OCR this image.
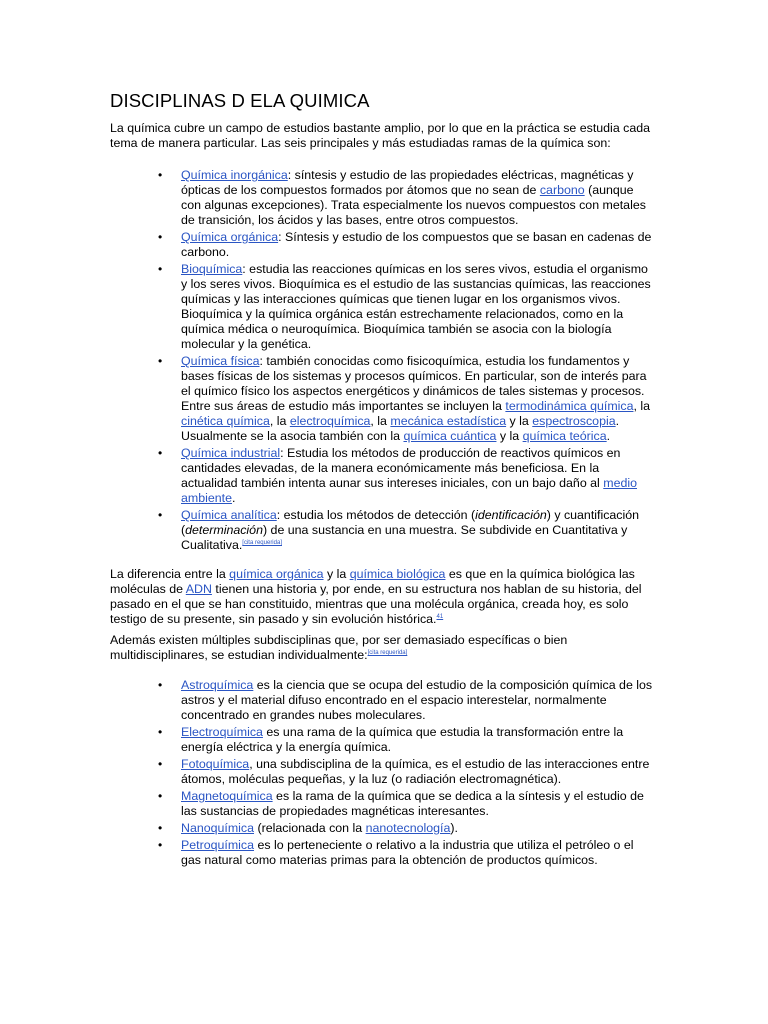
DISCIPLINAS D ELA QUIMICA

La química cubre un campo de estudios bastante amplio, por lo que en la práctica se estudia cada tema de manera particular. Las seis principales y más estudiadas ramas de la química son:

• Química inorgánica: síntesis y estudio de las propiedades eléctricas, magnéticas y ópticas de los compuestos formados por átomos que no sean de carbono (aunque con algunas excepciones). Trata especialmente los nuevos compuestos con metales de transición, los ácidos y las bases, entre otros compuestos.
• Química orgánica: Síntesis y estudio de los compuestos que se basan en cadenas de carbono.
• Bioquímica: estudia las reacciones químicas en los seres vivos, estudia el organismo y los seres vivos. Bioquímica es el estudio de las sustancias químicas, las reacciones químicas y las interacciones químicas que tienen lugar en los organismos vivos. Bioquímica y la química orgánica están estrechamente relacionados, como en la química médica o neuroquímica. Bioquímica también se asocia con la biología molecular y la genética.
• Química física: también conocidas como fisicoquímica, estudia los fundamentos y bases físicas de los sistemas y procesos químicos. En particular, son de interés para el químico físico los aspectos energéticos y dinámicos de tales sistemas y procesos. Entre sus áreas de estudio más importantes se incluyen la termodinámica química, la cinética química, la electroquímica, la mecánica estadística y la espectroscopia. Usualmente se la asocia también con la química cuántica y la química teórica.
• Química industrial: Estudia los métodos de producción de reactivos químicos en cantidades elevadas, de la manera económicamente más beneficiosa. En la actualidad también intenta aunar sus intereses iniciales, con un bajo daño al medio ambiente.
• Química analítica: estudia los métodos de detección (identificación) y cuantificación (determinación) de una sustancia en una muestra. Se subdivide en Cuantitativa y Cualitativa.[cita requerida]

La diferencia entre la química orgánica y la química biológica es que en la química biológica las moléculas de ADN tienen una historia y, por ende, en su estructura nos hablan de su historia, del pasado en el que se han constituido, mientras que una molécula orgánica, creada hoy, es solo testigo de su presente, sin pasado y sin evolución histórica.$^{41}$

Además existen múltiples subdisciplinas que, por ser demasiado específicas o bien multidisciplinares, se estudian individualmente:[cita requerida]

• Astroquímica es la ciencia que se ocupa del estudio de la composición química de los astros y el material difuso encontrado en el espacio interestelar, normalmente concentrado en grandes nubes moleculares.
• Electroquímica es una rama de la química que estudia la transformación entre la energía eléctrica y la energía química.
• Fotoquímica, una subdisciplina de la química, es el estudio de las interacciones entre átomos, moléculas pequeñas, y la luz (o radiación electromagnética).
• Magnetoquímica es la rama de la química que se dedica a la síntesis y el estudio de las sustancias de propiedades magnéticas interesantes.
• Nanoquímica (relacionada con la nanotecnología).
• Petroquímica es lo perteneciente o relativo a la industria que utiliza el petróleo o el gas natural como materias primas para la obtención de productos químicos.
